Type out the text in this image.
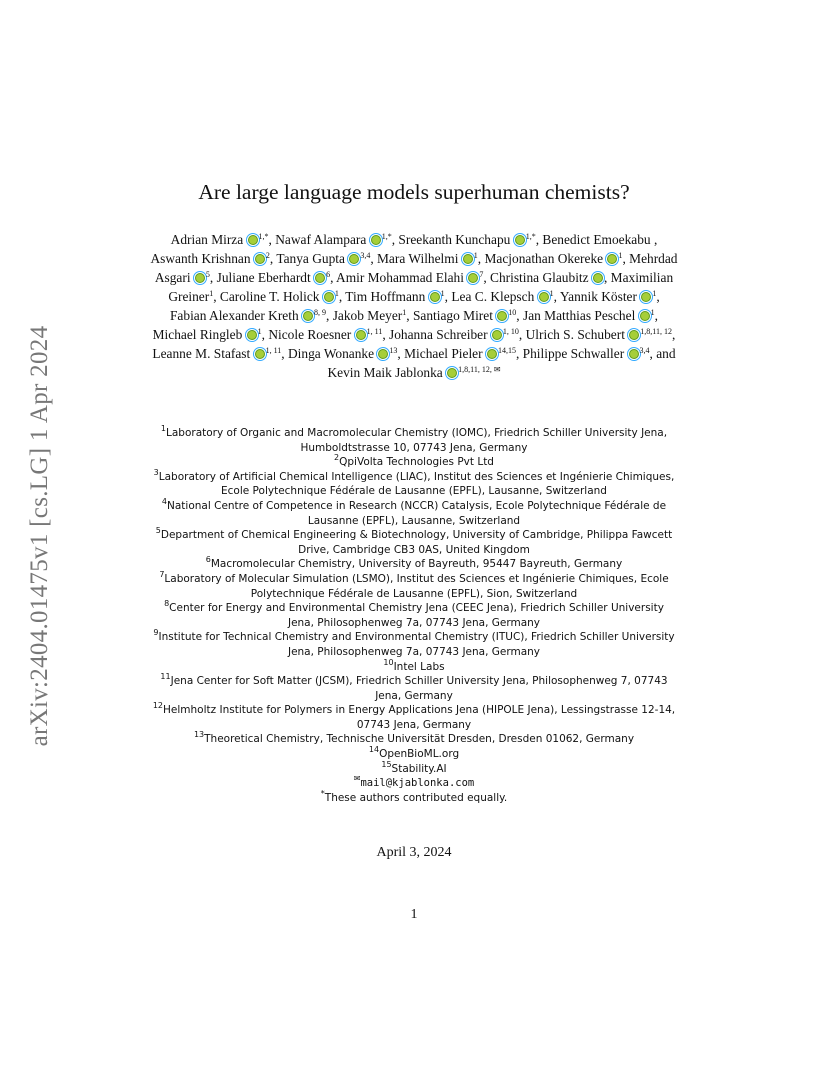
arXiv:2404.01475v1 [cs.LG] 1 Apr 2024
Are large language models superhuman chemists?
Adrian Mirza $^{1,*}$, Nawaf Alampara $^{1,*}$, Sreekanth Kunchapu $^{1,*}$, Benedict Emoekabu , Aswanth Krishnan $^2$, Tanya Gupta $^{3,4}$, Mara Wilhelmi $^1$, Macjonathan Okereke $^1$, Mehrdad Asgari $^5$, Juliane Eberhardt $^6$, Amir Mohammad Elahi $^7$, Christina Glaubitz , Maximilian Greiner$^1$, Caroline T. Holick $^1$, Tim Hoffmann $^1$, Lea C. Klepsch $^1$, Yannik Köster $^1$, Fabian Alexander Kreth $^{8, 9}$, Jakob Meyer$^1$, Santiago Miret $^{10}$, Jan Matthias Peschel $^1$, Michael Ringleb $^1$, Nicole Roesner $^{1, 11}$, Johanna Schreiber $^{1, 10}$, Ulrich S. Schubert $^{1,8,11, 12}$, Leanne M. Stafast $^{1, 11}$, Dinga Wonanke $^{13}$, Michael Pieler $^{14,15}$, Philippe Schwaller $^{3,4}$, and Kevin Maik Jablonka $^{1,8,11, 12, ✉}$
$^1$Laboratory of Organic and Macromolecular Chemistry (IOMC), Friedrich Schiller University Jena, Humboldtstrasse 10, 07743 Jena, Germany
$^2$QpiVolta Technologies Pvt Ltd
$^3$Laboratory of Artificial Chemical Intelligence (LIAC), Institut des Sciences et Ingénierie Chimiques, Ecole Polytechnique Fédérale de Lausanne (EPFL), Lausanne, Switzerland
$^4$National Centre of Competence in Research (NCCR) Catalysis, Ecole Polytechnique Fédérale de Lausanne (EPFL), Lausanne, Switzerland
$^5$Department of Chemical Engineering & Biotechnology, University of Cambridge, Philippa Fawcett Drive, Cambridge CB3 0AS, United Kingdom
$^6$Macromolecular Chemistry, University of Bayreuth, 95447 Bayreuth, Germany
$^7$Laboratory of Molecular Simulation (LSMO), Institut des Sciences et Ingénierie Chimiques, Ecole Polytechnique Fédérale de Lausanne (EPFL), Sion, Switzerland
$^8$Center for Energy and Environmental Chemistry Jena (CEEC Jena), Friedrich Schiller University Jena, Philosophenweg 7a, 07743 Jena, Germany
$^9$Institute for Technical Chemistry and Environmental Chemistry (ITUC), Friedrich Schiller University Jena, Philosophenweg 7a, 07743 Jena, Germany
$^{10}$Intel Labs
$^{11}$Jena Center for Soft Matter (JCSM), Friedrich Schiller University Jena, Philosophenweg 7, 07743 Jena, Germany
$^{12}$Helmholtz Institute for Polymers in Energy Applications Jena (HIPOLE Jena), Lessingstrasse 12-14, 07743 Jena, Germany
$^{13}$Theoretical Chemistry, Technische Universität Dresden, Dresden 01062, Germany
$^{14}$OpenBioML.org
$^{15}$Stability.AI
✉mail@kjablonka.com
*These authors contributed equally.
April 3, 2024
1
